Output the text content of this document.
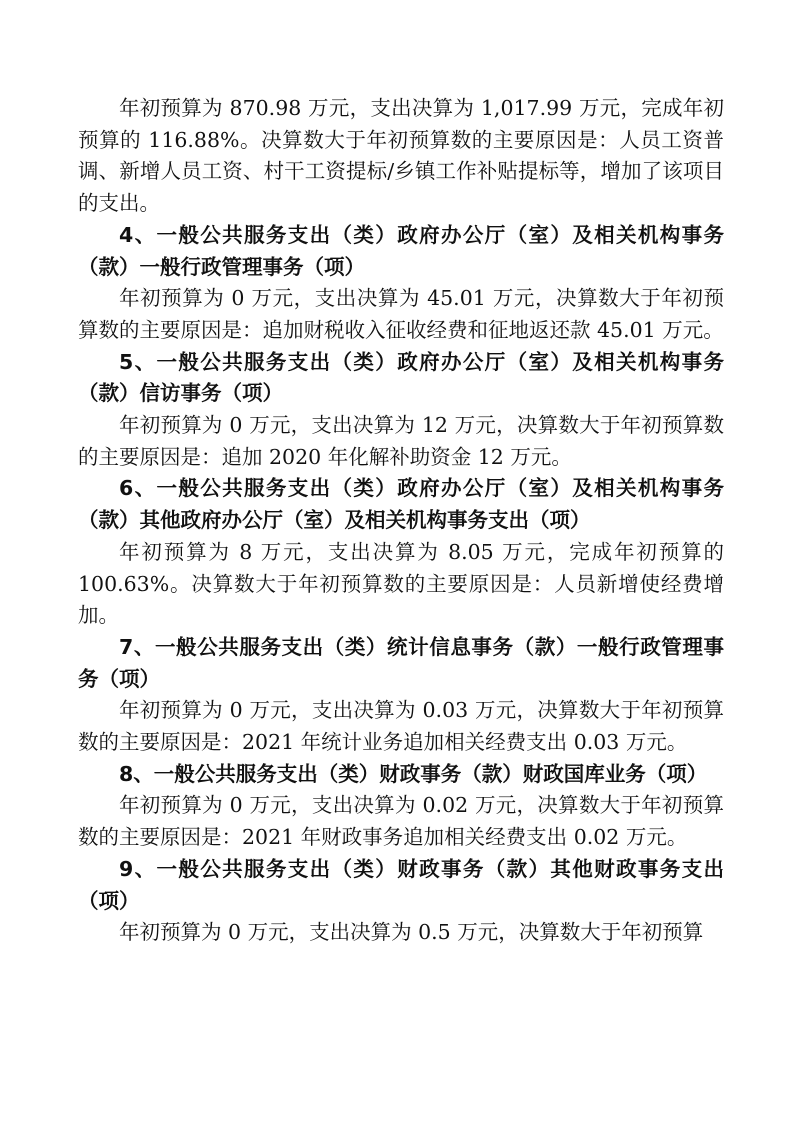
年初预算为 870.98 万元，支出决算为 1,017.99 万元，完成年初预算的 116.88%。决算数大于年初预算数的主要原因是：人员工资普调、新增人员工资、村干工资提标/乡镇工作补贴提标等，增加了该项目的支出。

4、一般公共服务支出（类）政府办公厅（室）及相关机构事务（款）一般行政管理事务（项）

年初预算为 0 万元，支出决算为 45.01 万元，决算数大于年初预算数的主要原因是：追加财税收入征收经费和征地返还款 45.01 万元。

5、一般公共服务支出（类）政府办公厅（室）及相关机构事务（款）信访事务（项）

年初预算为 0 万元，支出决算为 12 万元，决算数大于年初预算数的主要原因是：追加 2020 年化解补助资金 12 万元。

6、一般公共服务支出（类）政府办公厅（室）及相关机构事务（款）其他政府办公厅（室）及相关机构事务支出（项）

年初预算为 8 万元，支出决算为 8.05 万元，完成年初预算的 100.63%。决算数大于年初预算数的主要原因是：人员新增使经费增加。

7、一般公共服务支出（类）统计信息事务（款）一般行政管理事务（项）

年初预算为 0 万元，支出决算为 0.03 万元，决算数大于年初预算数的主要原因是：2021 年统计业务追加相关经费支出 0.03 万元。

8、一般公共服务支出（类）财政事务（款）财政国库业务（项）

年初预算为 0 万元，支出决算为 0.02 万元，决算数大于年初预算数的主要原因是：2021 年财政事务追加相关经费支出 0.02 万元。

9、一般公共服务支出（类）财政事务（款）其他财政事务支出（项）

年初预算为 0 万元，支出决算为 0.5 万元，决算数大于年初预算
